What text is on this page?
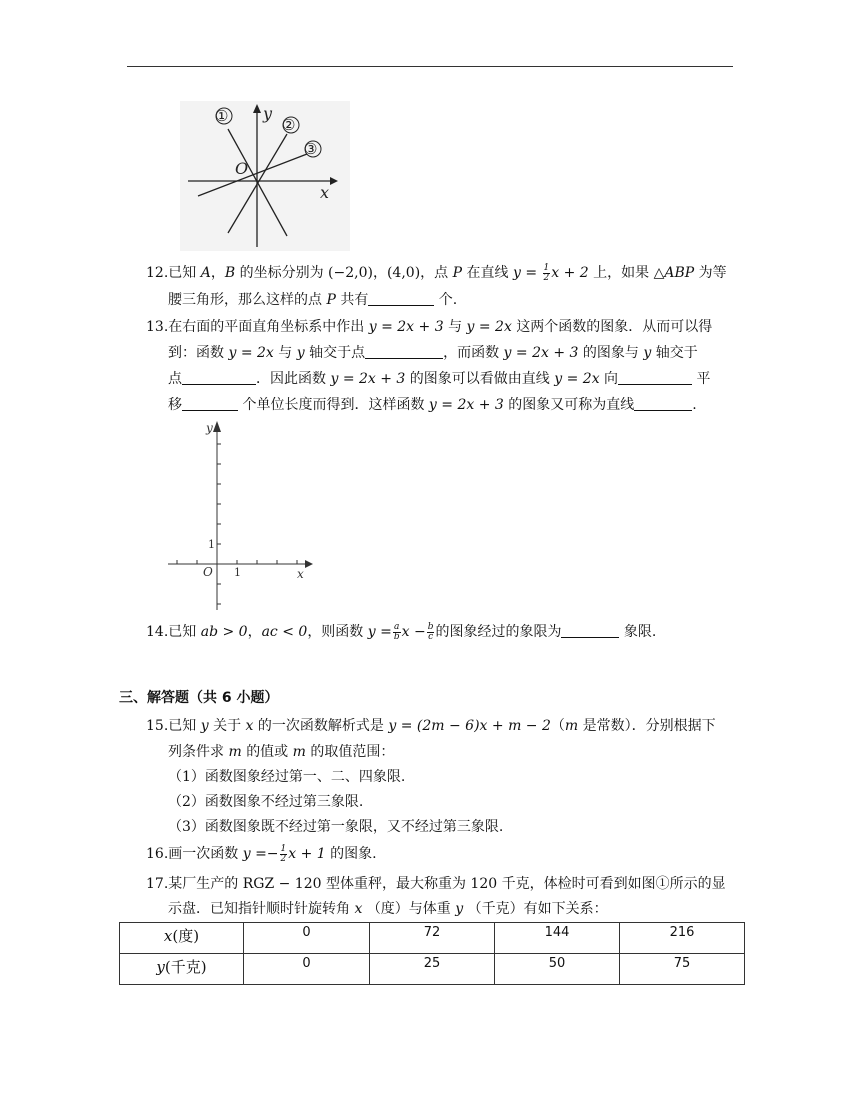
①	②
③
y
O
x
12.已知 A，B 的坐标分别为 (−2,0)，(4,0)，点 P 在直线 $y = \frac{1}{2}$ x + 2 上，如果 △ABP 为等
腰三角形，那么这样的点 P 共有	个.
13.在右面的平面直角坐标系中作出 y = 2x + 3 与 y = 2x 这两个函数的图象．从而可以得
到：函数 y = 2x 与 y 轴交于点	，而函数 y = 2x + 3 的图象与 y 轴交于
点	．因此函数 y = 2x + 3 的图象可以看做由直线 y = 2x 向	平
移	个单位长度而得到．这样函数 y = 2x + 3 的图象又可称为直线	.
y
1
O 1	x
14.已知 ab > 0，ac < 0，则函数 $y = \frac{a}{b}$ $x - \frac{b}{c}$ 的图象经过的象限为	象限.
三、解答题（共 6 小题）
15.已知 y 关于 x 的一次函数解析式是 y = (2m − 6)x + m − 2（m 是常数）．分别根据下
列条件求 m 的值或 m 的取值范围：
（1）函数图象经过第一、二、四象限.
（2）函数图象不经过第三象限.
（3）函数图象既不经过第一象限，又不经过第三象限.
16.画一次函数 $y =- \frac{1}{2}$ x + 1 的图象.
17.某厂生产的 RGZ − 120 型体重秤，最大称重为 120 千克，体检时可看到如图①所示的显
示盘．已知指针顺时针旋转角 x （度）与体重 y （千克）有如下关系：
x(度)	0	72	144	216
y(千克)	0	25	50	75
